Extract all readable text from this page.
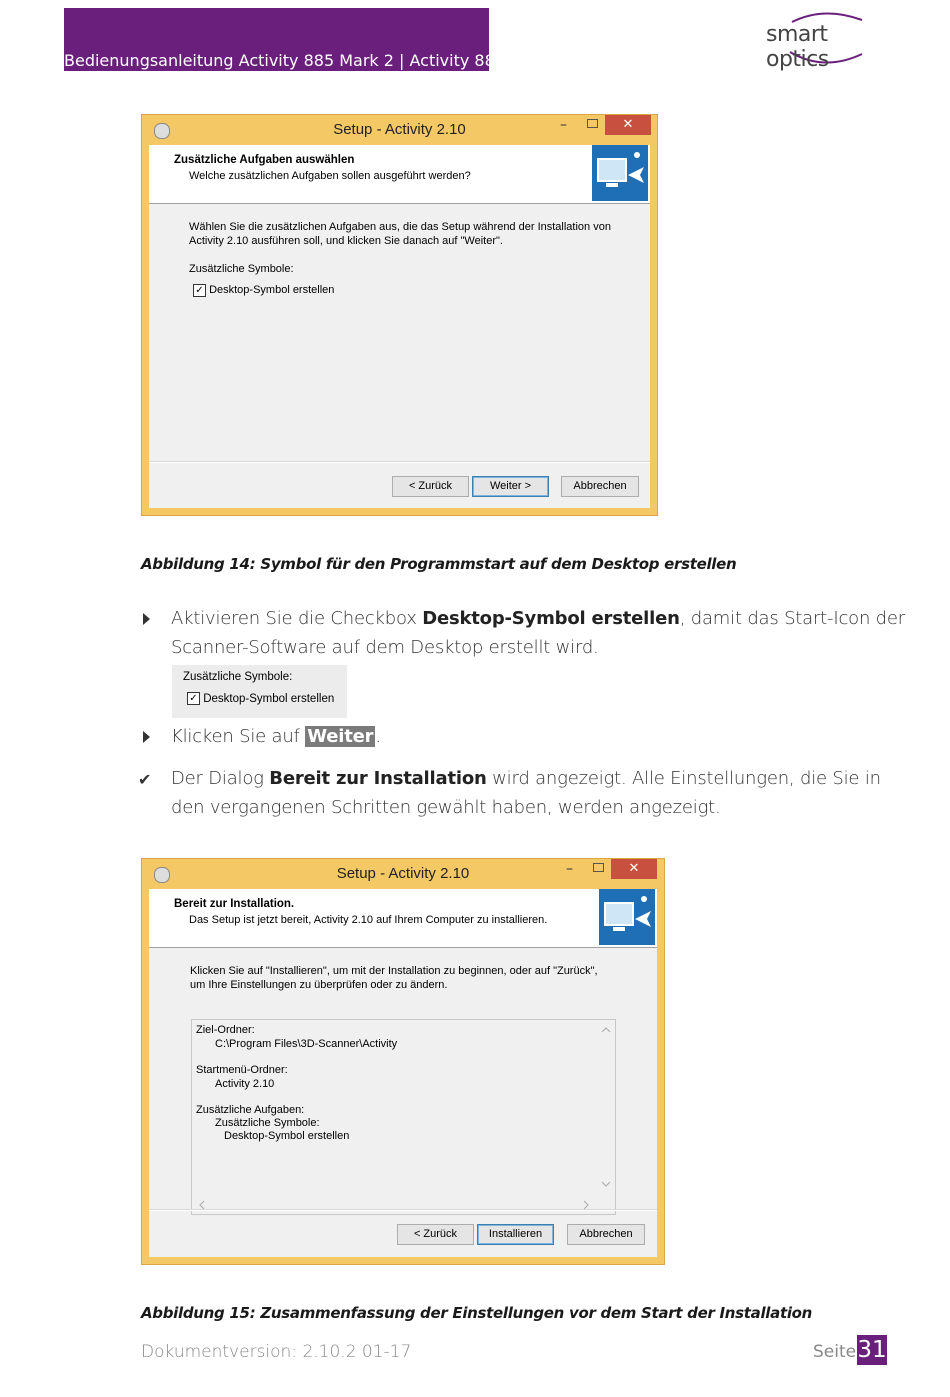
Bedienungsanleitung Activity 885 Mark 2 | Activity 888
smart optics
Setup - Activity 2.10	–	✕
Zusätzliche Aufgaben auswählen
Welche zusätzlichen Aufgaben sollen ausgeführt werden?
Wählen Sie die zusätzlichen Aufgaben aus, die das Setup während der Installation von
Activity 2.10 ausführen soll, und klicken Sie danach auf "Weiter".
Zusätzliche Symbole:
✓ Desktop-Symbol erstellen
< Zurück	Weiter >	Abbrechen
Abbildung 14: Symbol für den Programmstart auf dem Desktop erstellen
Aktivieren Sie die Checkbox Desktop-Symbol erstellen, damit das Start-Icon der
Scanner-Software auf dem Desktop erstellt wird.
Zusätzliche Symbole:
✓ Desktop-Symbol erstellen
Klicken Sie auf Weiter .
✔ Der Dialog Bereit zur Installation wird angezeigt. Alle Einstellungen, die Sie in
den vergangenen Schritten gewählt haben, werden angezeigt.
Setup - Activity 2.10	–	✕
Bereit zur Installation.
Das Setup ist jetzt bereit, Activity 2.10 auf Ihrem Computer zu installieren.
Klicken Sie auf "Installieren", um mit der Installation zu beginnen, oder auf "Zurück",
um Ihre Einstellungen zu überprüfen oder zu ändern.
Ziel-Ordner:
C:\Program Files\3D-Scanner\Activity
Startmenü-Ordner:
Activity 2.10
Zusätzliche Aufgaben:
Zusätzliche Symbole:
Desktop-Symbol erstellen
< Zurück	Installieren	Abbrechen
Abbildung 15: Zusammenfassung der Einstellungen vor dem Start der Installation
Dokumentversion: 2.10.2 01-17	Seite 31
